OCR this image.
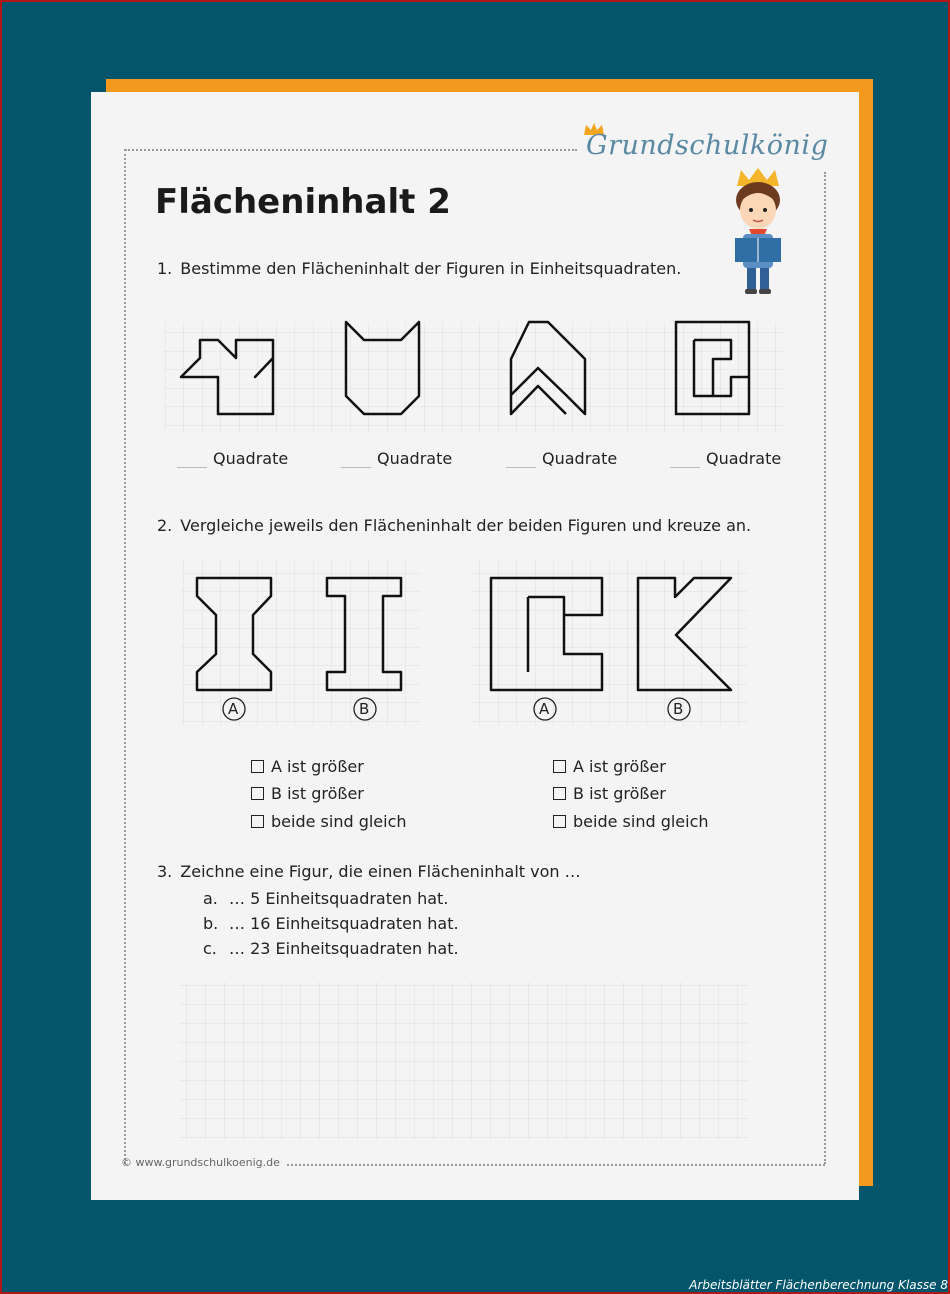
Grundschulkönig
Flächeninhalt 2
1. Bestimme den Flächeninhalt der Figuren in Einheitsquadraten.
Quadrate	Quadrate	Quadrate	Quadrate
2. Vergleiche jeweils den Flächeninhalt der beiden Figuren und kreuze an.
A	B	A	B
A ist größer
B ist größer
beide sind gleich
A ist größer
B ist größer
beide sind gleich
3. Zeichne eine Figur, die einen Flächeninhalt von …
a. … 5 Einheitsquadraten hat.
b. … 16 Einheitsquadraten hat.
c. … 23 Einheitsquadraten hat.
© www.grundschulkoenig.de
Arbeitsblätter Flächenberechnung Klasse 8
